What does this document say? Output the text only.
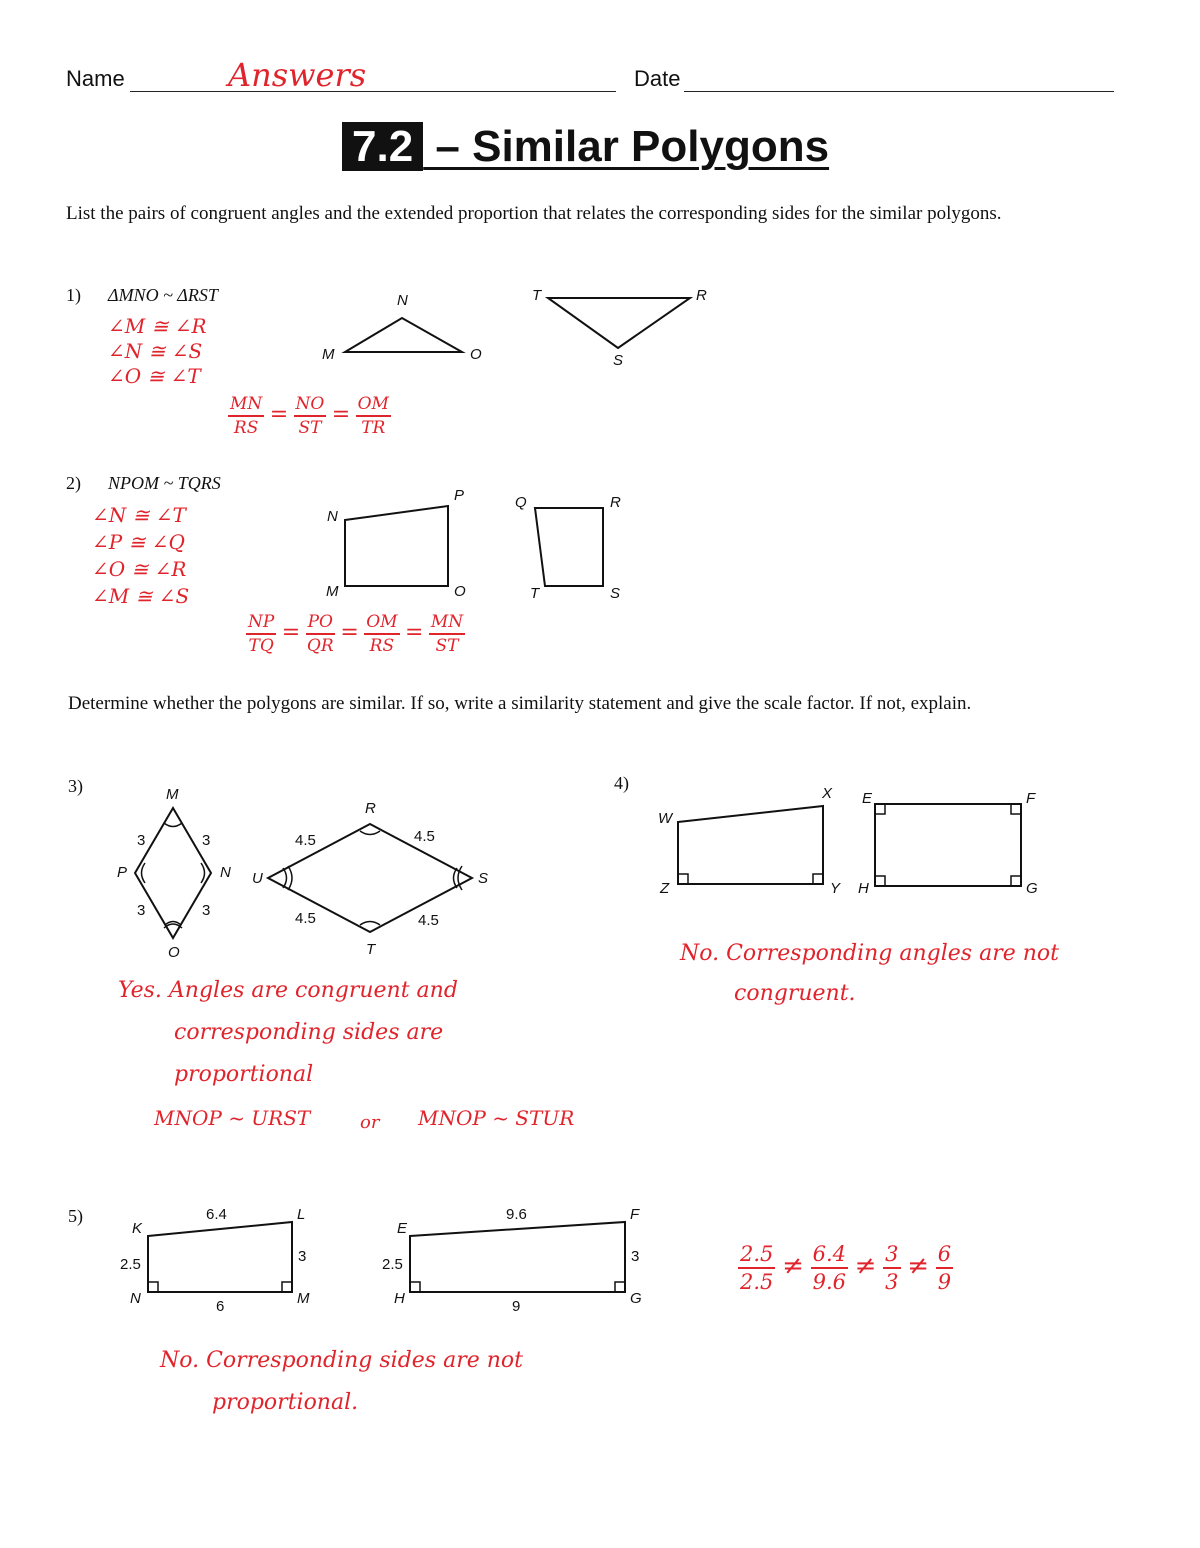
Name	Answers	Date
7.2 – Similar Polygons
List the pairs of congruent angles and the extended proportion that relates the corresponding sides for the similar polygons.
1) ΔMNO ~ ΔRST
∠M ≅ ∠R
∠N ≅ ∠S
∠O ≅ ∠T
$\frac{MN}{RS} = \frac{NO}{ST} = \frac{OM}{TR}$
N
M	O
T	R
S
2) NPOM ~ TQRS
∠N ≅ ∠T
∠P ≅ ∠Q
∠O ≅ ∠R
∠M ≅ ∠S
$\frac{NP}{TQ} = \frac{PO}{QR} = \frac{OM}{RS} = \frac{MN}{ST}$
N
P
M	O
Q	R
T	S
Determine whether the polygons are similar. If so, write a similarity statement and give the scale factor. If not, explain.
3)	M
P	N
O
3	3
3	3
R
U	S
T
4.5	4.5
4.5	4.5
Yes. Angles are congruent and
corresponding sides are
proportional
MNOP ~ URST	or MNOP ~ STUR
4)
W
X
Z	Y
E	F
H	G
No. Corresponding angles are not
congruent.
5)
K
L
N	M
6.4
2.5	3
6
E
F
H	G
9.6
2.5	3
9
$\frac{2.5}{2.5} \ne \frac{6.4}{9.6} \ne \frac{3}{3} \ne \frac{6}{9}$
No. Corresponding sides are not
proportional.
